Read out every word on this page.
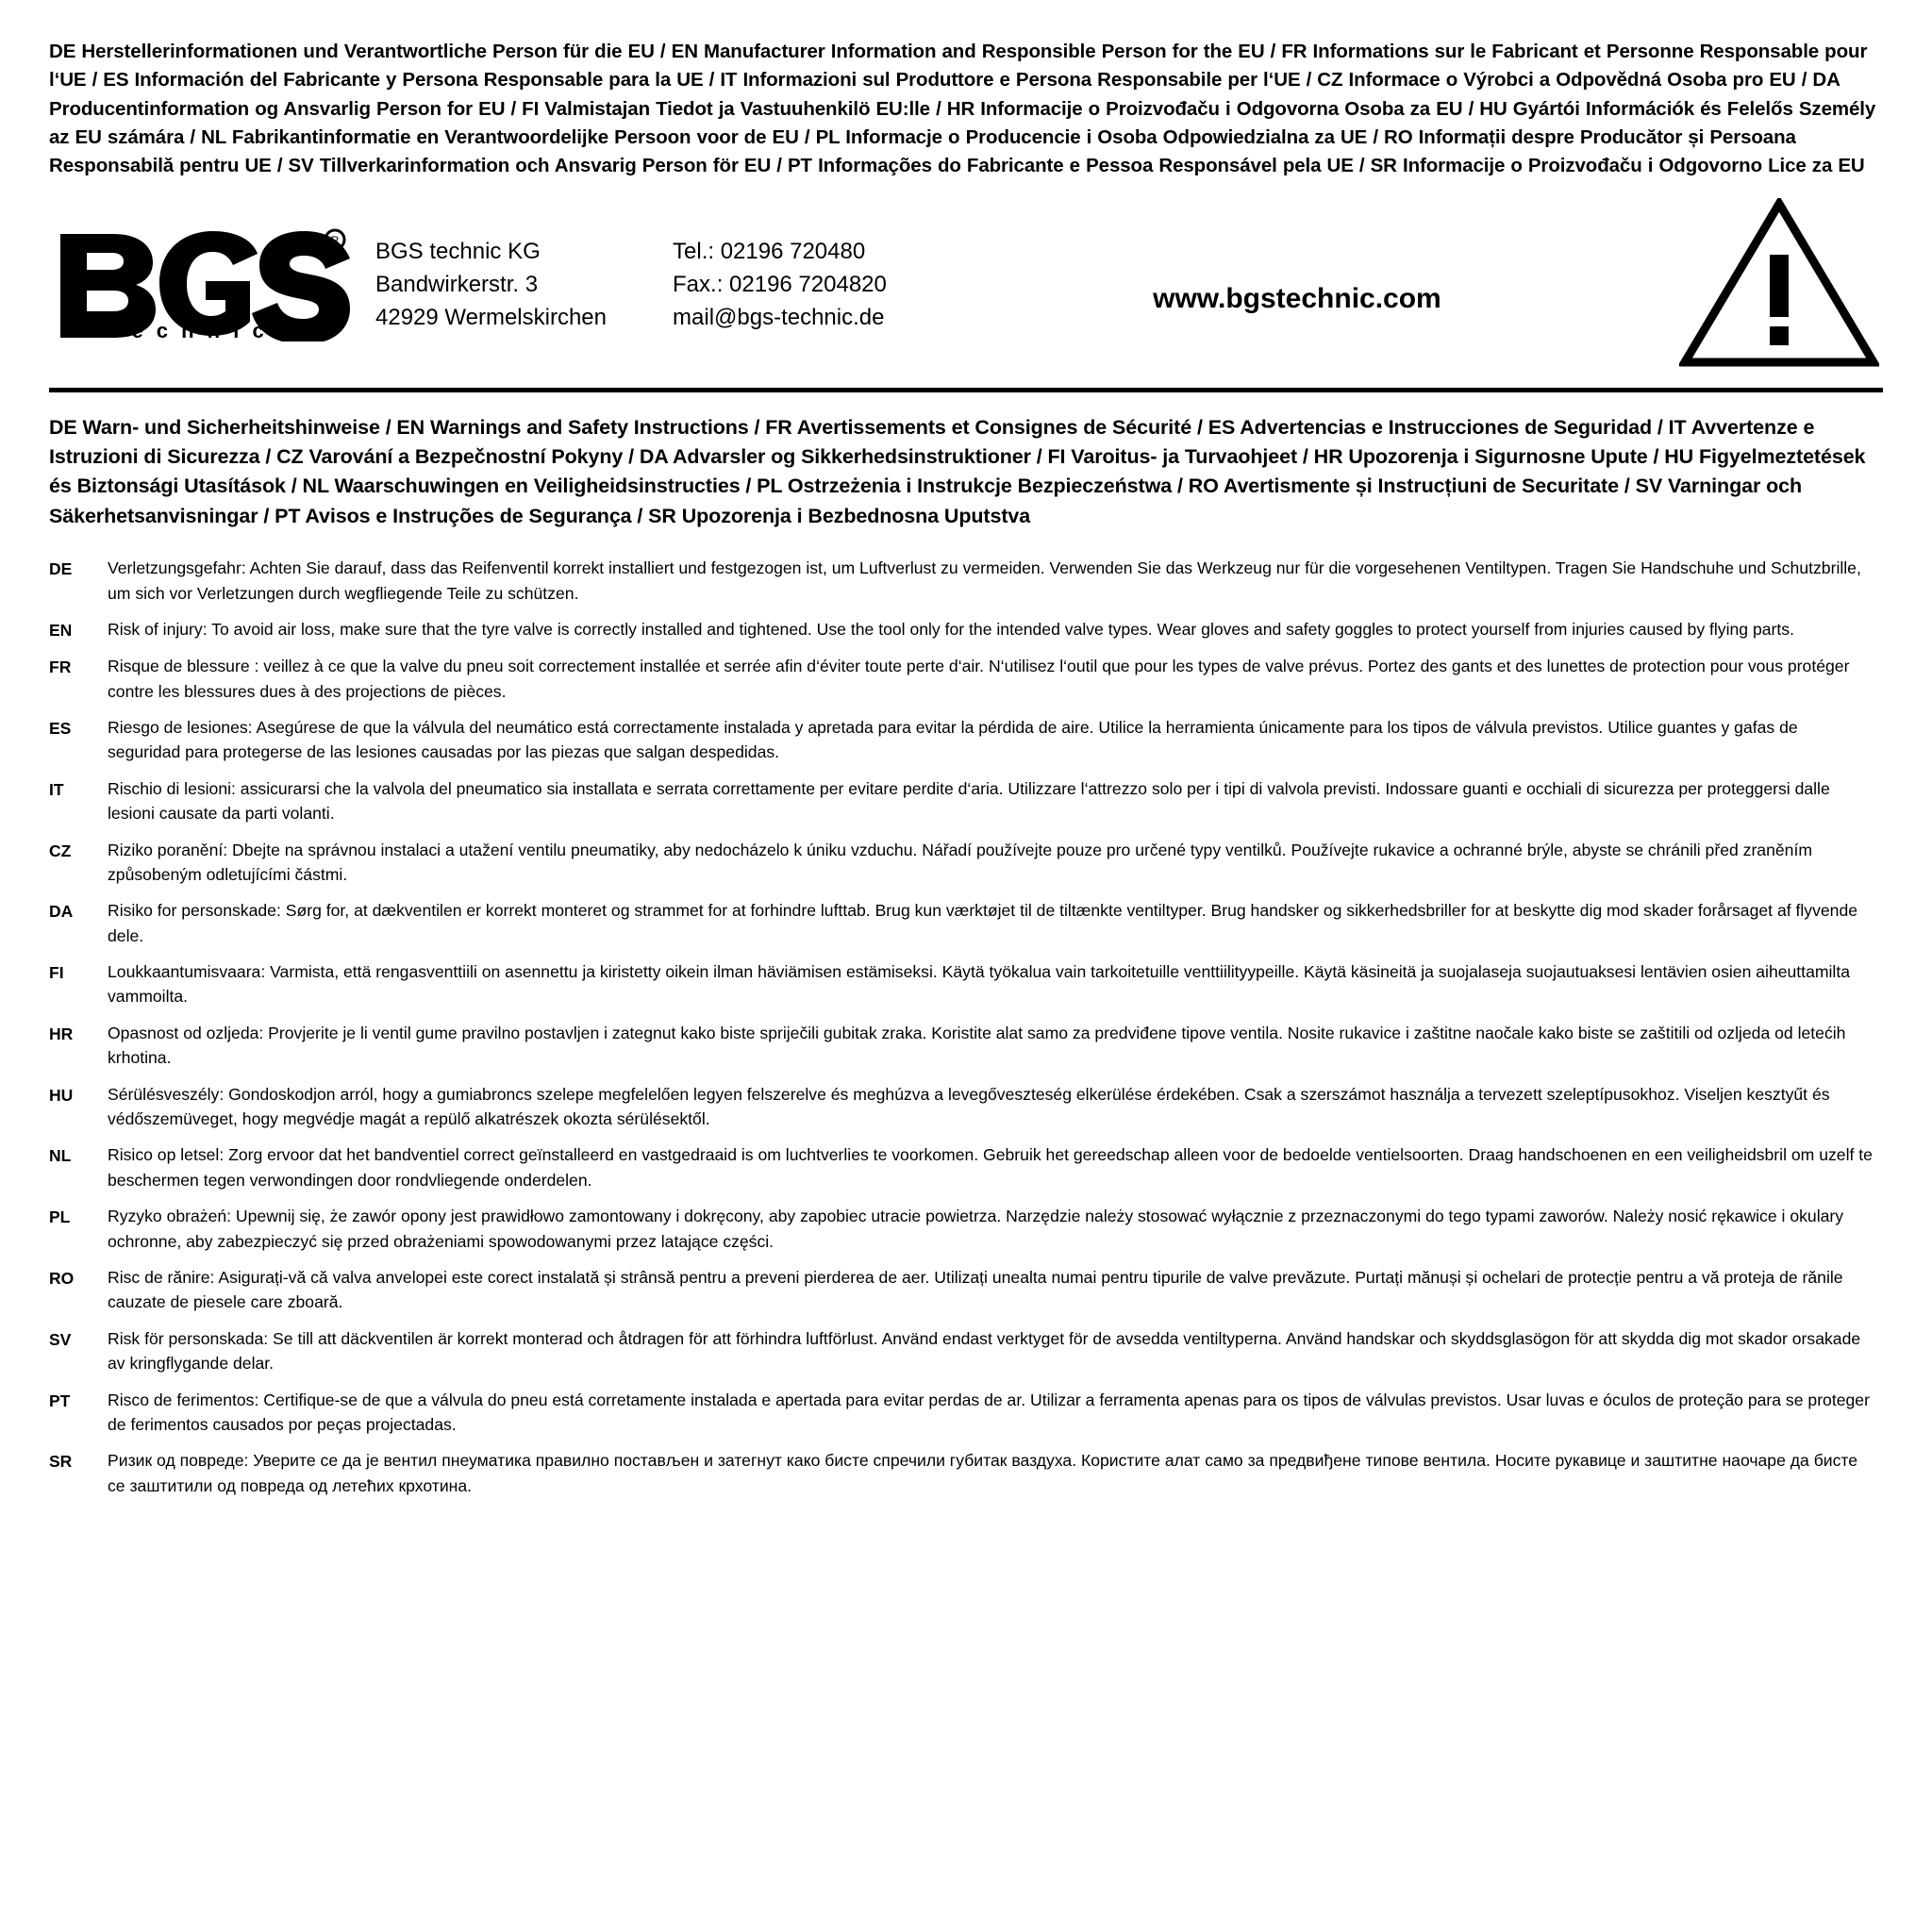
DE Herstellerinformationen und Verantwortliche Person für die EU / EN Manufacturer Information and Responsible Person for the EU / FR Informations sur le Fabricant et Personne Responsable pour l‘UE / ES Información del Fabricante y Persona Responsable para la UE / IT Informazioni sul Produttore e Persona Responsabile per l‘UE / CZ Informace o Výrobci a Odpovědná Osoba pro EU / DA Producentinformation og Ansvarlig Person for EU / FI Valmistajan Tiedot ja Vastuuhenkilö EU:lle / HR Informacije o Proizvođaču i Odgovorna Osoba za EU / HU Gyártói Információk és Felelős Személy az EU számára / NL Fabrikantinformatie en Verantwoordelijke Persoon voor de EU / PL Informacje o Producencie i Osoba Odpowiedzialna za UE / RO Informații despre Producător și Persoana Responsabilă pentru UE / SV Tillverkarinformation och Ansvarig Person för EU / PT Informações do Fabricante e Pessoa Responsável pela UE / SR Informacije o Proizvođaču i Odgovorno Lice za EU
R
t e c h n i c
BGS technic KG
Bandwirkerstr. 3
42929 Wermelskirchen
Tel.: 02196 720480
Fax.: 02196 7204820
mail@bgs-technic.de
www.bgstechnic.com
DE Warn- und Sicherheitshinweise / EN Warnings and Safety Instructions / FR Avertissements et Consignes de Sécurité / ES Advertencias e Instrucciones de Seguridad / IT Avvertenze e Istruzioni di Sicurezza / CZ Varování a Bezpečnostní Pokyny / DA Advarsler og Sikkerhedsinstruktioner / FI Varoitus- ja Turvaohjeet / HR Upozorenja i Sigurnosne Upute / HU Figyelmeztetések és Biztonsági Utasítások / NL Waarschuwingen en Veiligheidsinstructies / PL Ostrzeżenia i Instrukcje Bezpieczeństwa / RO Avertismente și Instrucțiuni de Securitate / SV Varningar och Säkerhetsanvisningar / PT Avisos e Instruções de Segurança / SR Upozorenja i Bezbednosna Uputstva
DE	Verletzungsgefahr: Achten Sie darauf, dass das Reifenventil korrekt installiert und festgezogen ist, um Luftverlust zu vermeiden. Verwenden Sie das Werkzeug nur für die vorgesehenen Ventiltypen. Tragen Sie Handschuhe und Schutzbrille, um sich vor Verletzungen durch wegfliegende Teile zu schützen.
EN	Risk of injury: To avoid air loss, make sure that the tyre valve is correctly installed and tightened. Use the tool only for the intended valve types. Wear gloves and safety goggles to protect yourself from injuries caused by flying parts.
FR	Risque de blessure : veillez à ce que la valve du pneu soit correctement installée et serrée afin d‘éviter toute perte d‘air. N‘utilisez l‘outil que pour les types de valve prévus. Portez des gants et des lunettes de protection pour vous protéger contre les blessures dues à des projections de pièces.
ES	Riesgo de lesiones: Asegúrese de que la válvula del neumático está correctamente instalada y apretada para evitar la pérdida de aire. Utilice la herramienta únicamente para los tipos de válvula previstos. Utilice guantes y gafas de seguridad para protegerse de las lesiones causadas por las piezas que salgan despedidas.
IT	Rischio di lesioni: assicurarsi che la valvola del pneumatico sia installata e serrata correttamente per evitare perdite d‘aria. Utilizzare l‘attrezzo solo per i tipi di valvola previsti. Indossare guanti e occhiali di sicurezza per proteggersi dalle lesioni causate da parti volanti.
CZ	Riziko poranění: Dbejte na správnou instalaci a utažení ventilu pneumatiky, aby nedocházelo k úniku vzduchu. Nářadí používejte pouze pro určené typy ventilků. Používejte rukavice a ochranné brýle, abyste se chránili před zraněním způsobeným odletujícími částmi.
DA	Risiko for personskade: Sørg for, at dækventilen er korrekt monteret og strammet for at forhindre lufttab. Brug kun værktøjet til de tiltænkte ventiltyper. Brug handsker og sikkerhedsbriller for at beskytte dig mod skader forårsaget af flyvende dele.
FI	Loukkaantumisvaara: Varmista, että rengasventtiili on asennettu ja kiristetty oikein ilman häviämisen estämiseksi. Käytä työkalua vain tarkoitetuille venttiilityypeille. Käytä käsineitä ja suojalaseja suojautuaksesi lentävien osien aiheuttamilta vammoilta.
HR	Opasnost od ozljeda: Provjerite je li ventil gume pravilno postavljen i zategnut kako biste spriječili gubitak zraka. Koristite alat samo za predviđene tipove ventila. Nosite rukavice i zaštitne naočale kako biste se zaštitili od ozljeda od letećih krhotina.
HU	Sérülésveszély: Gondoskodjon arról, hogy a gumiabroncs szelepe megfelelően legyen felszerelve és meghúzva a levegőveszteség elkerülése érdekében. Csak a szerszámot használja a tervezett szeleptípusokhoz. Viseljen kesztyűt és védőszemüveget, hogy megvédje magát a repülő alkatrészek okozta sérülésektől.
NL	Risico op letsel: Zorg ervoor dat het bandventiel correct geïnstalleerd en vastgedraaid is om luchtverlies te voorkomen. Gebruik het gereedschap alleen voor de bedoelde ventielsoorten. Draag handschoenen en een veiligheidsbril om uzelf te beschermen tegen verwondingen door rondvliegende onderdelen.
PL	Ryzyko obrażeń: Upewnij się, że zawór opony jest prawidłowo zamontowany i dokręcony, aby zapobiec utracie powietrza. Narzędzie należy stosować wyłącznie z przeznaczonymi do tego typami zaworów. Należy nosić rękawice i okulary ochronne, aby zabezpieczyć się przed obrażeniami spowodowanymi przez latające części.
RO	Risc de rănire: Asigurați-vă că valva anvelopei este corect instalată și strânsă pentru a preveni pierderea de aer. Utilizați unealta numai pentru tipurile de valve prevăzute. Purtați mănuși și ochelari de protecție pentru a vă proteja de rănile cauzate de piesele care zboară.
SV	Risk för personskada: Se till att däckventilen är korrekt monterad och åtdragen för att förhindra luftförlust. Använd endast verktyget för de avsedda ventiltyperna. Använd handskar och skyddsglasögon för att skydda dig mot skador orsakade av kringflygande delar.
PT	Risco de ferimentos: Certifique-se de que a válvula do pneu está corretamente instalada e apertada para evitar perdas de ar. Utilizar a ferramenta apenas para os tipos de válvulas previstos. Usar luvas e óculos de proteção para se proteger de ferimentos causados por peças projectadas.
SR	Ризик од повреде: Уверите се да је вентил пнеуматика правилно постављен и затегнут како бисте спречили губитак ваздуха. Користите алат само за предвиђене типове вентила. Носите рукавице и заштитне наочаре да бисте се заштитили од повреда од летећих крхотина.
